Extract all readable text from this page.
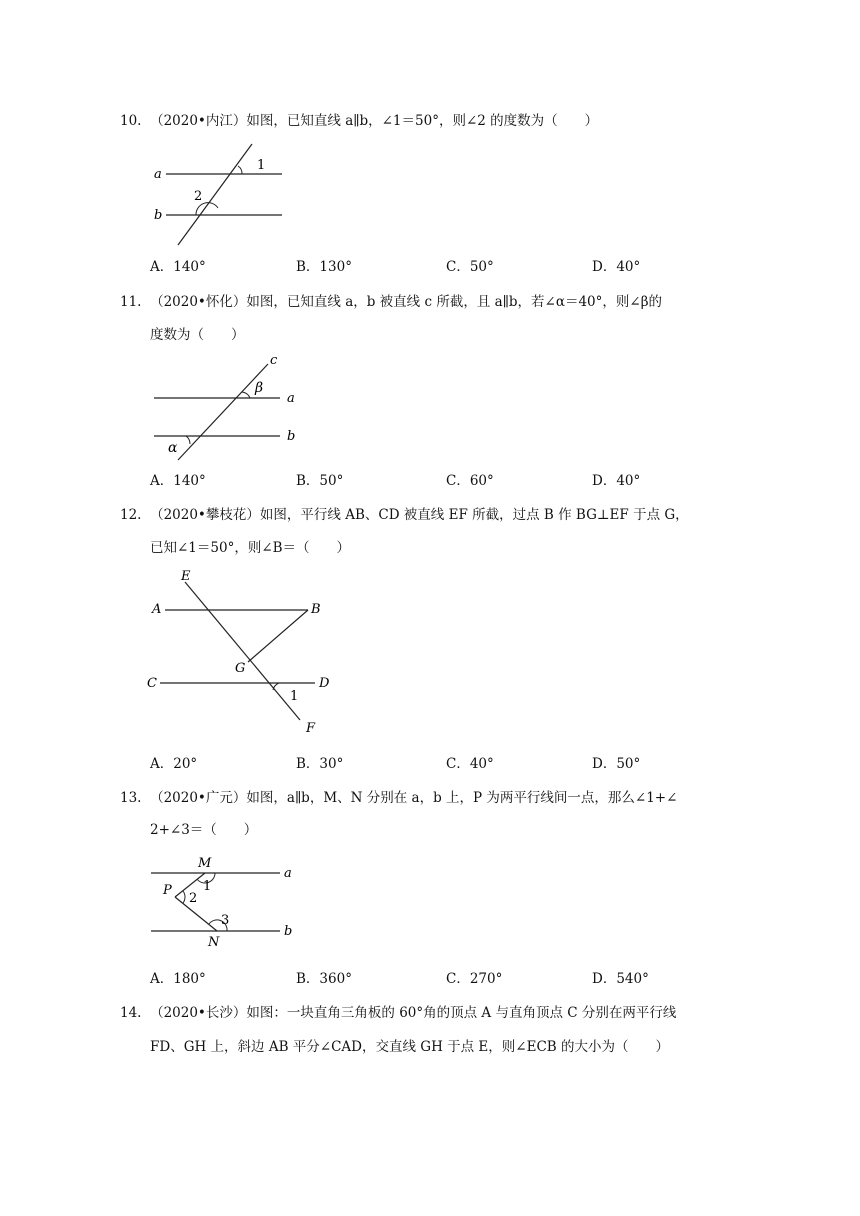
10. （2020•内江）如图，已知直线 a∥b，∠1＝50°，则∠2 的度数为（　　）
a
b
1
2
A．140°	B．130°	C．50°	D．40°
11. （2020•怀化）如图，已知直线 a，b 被直线 c 所截，且 a∥b，若∠α＝40°，则∠β的
度数为（　　）
c
β
a
b
α
A．140°	B．50°	C．60°	D．40°
12. （2020•攀枝花）如图，平行线 AB、CD 被直线 EF 所截，过点 B 作 BG⊥EF 于点 G，
已知∠1＝50°，则∠B＝（　　）
E
A	B
G
C	D
1
F
A．20°	B．30°	C．40°	D．50°
13. （2020•广元）如图，a∥b，M、N 分别在 a，b 上，P 为两平行线间一点，那么∠1+∠
2+∠3＝（　　）
M
a
P 1
2
3
N
b
A．180°	B．360°	C．270°	D．540°
14. （2020•长沙）如图：一块直角三角板的 60°角的顶点 A 与直角顶点 C 分别在两平行线
FD、GH 上，斜边 AB 平分∠CAD，交直线 GH 于点 E，则∠ECB 的大小为（　　）
